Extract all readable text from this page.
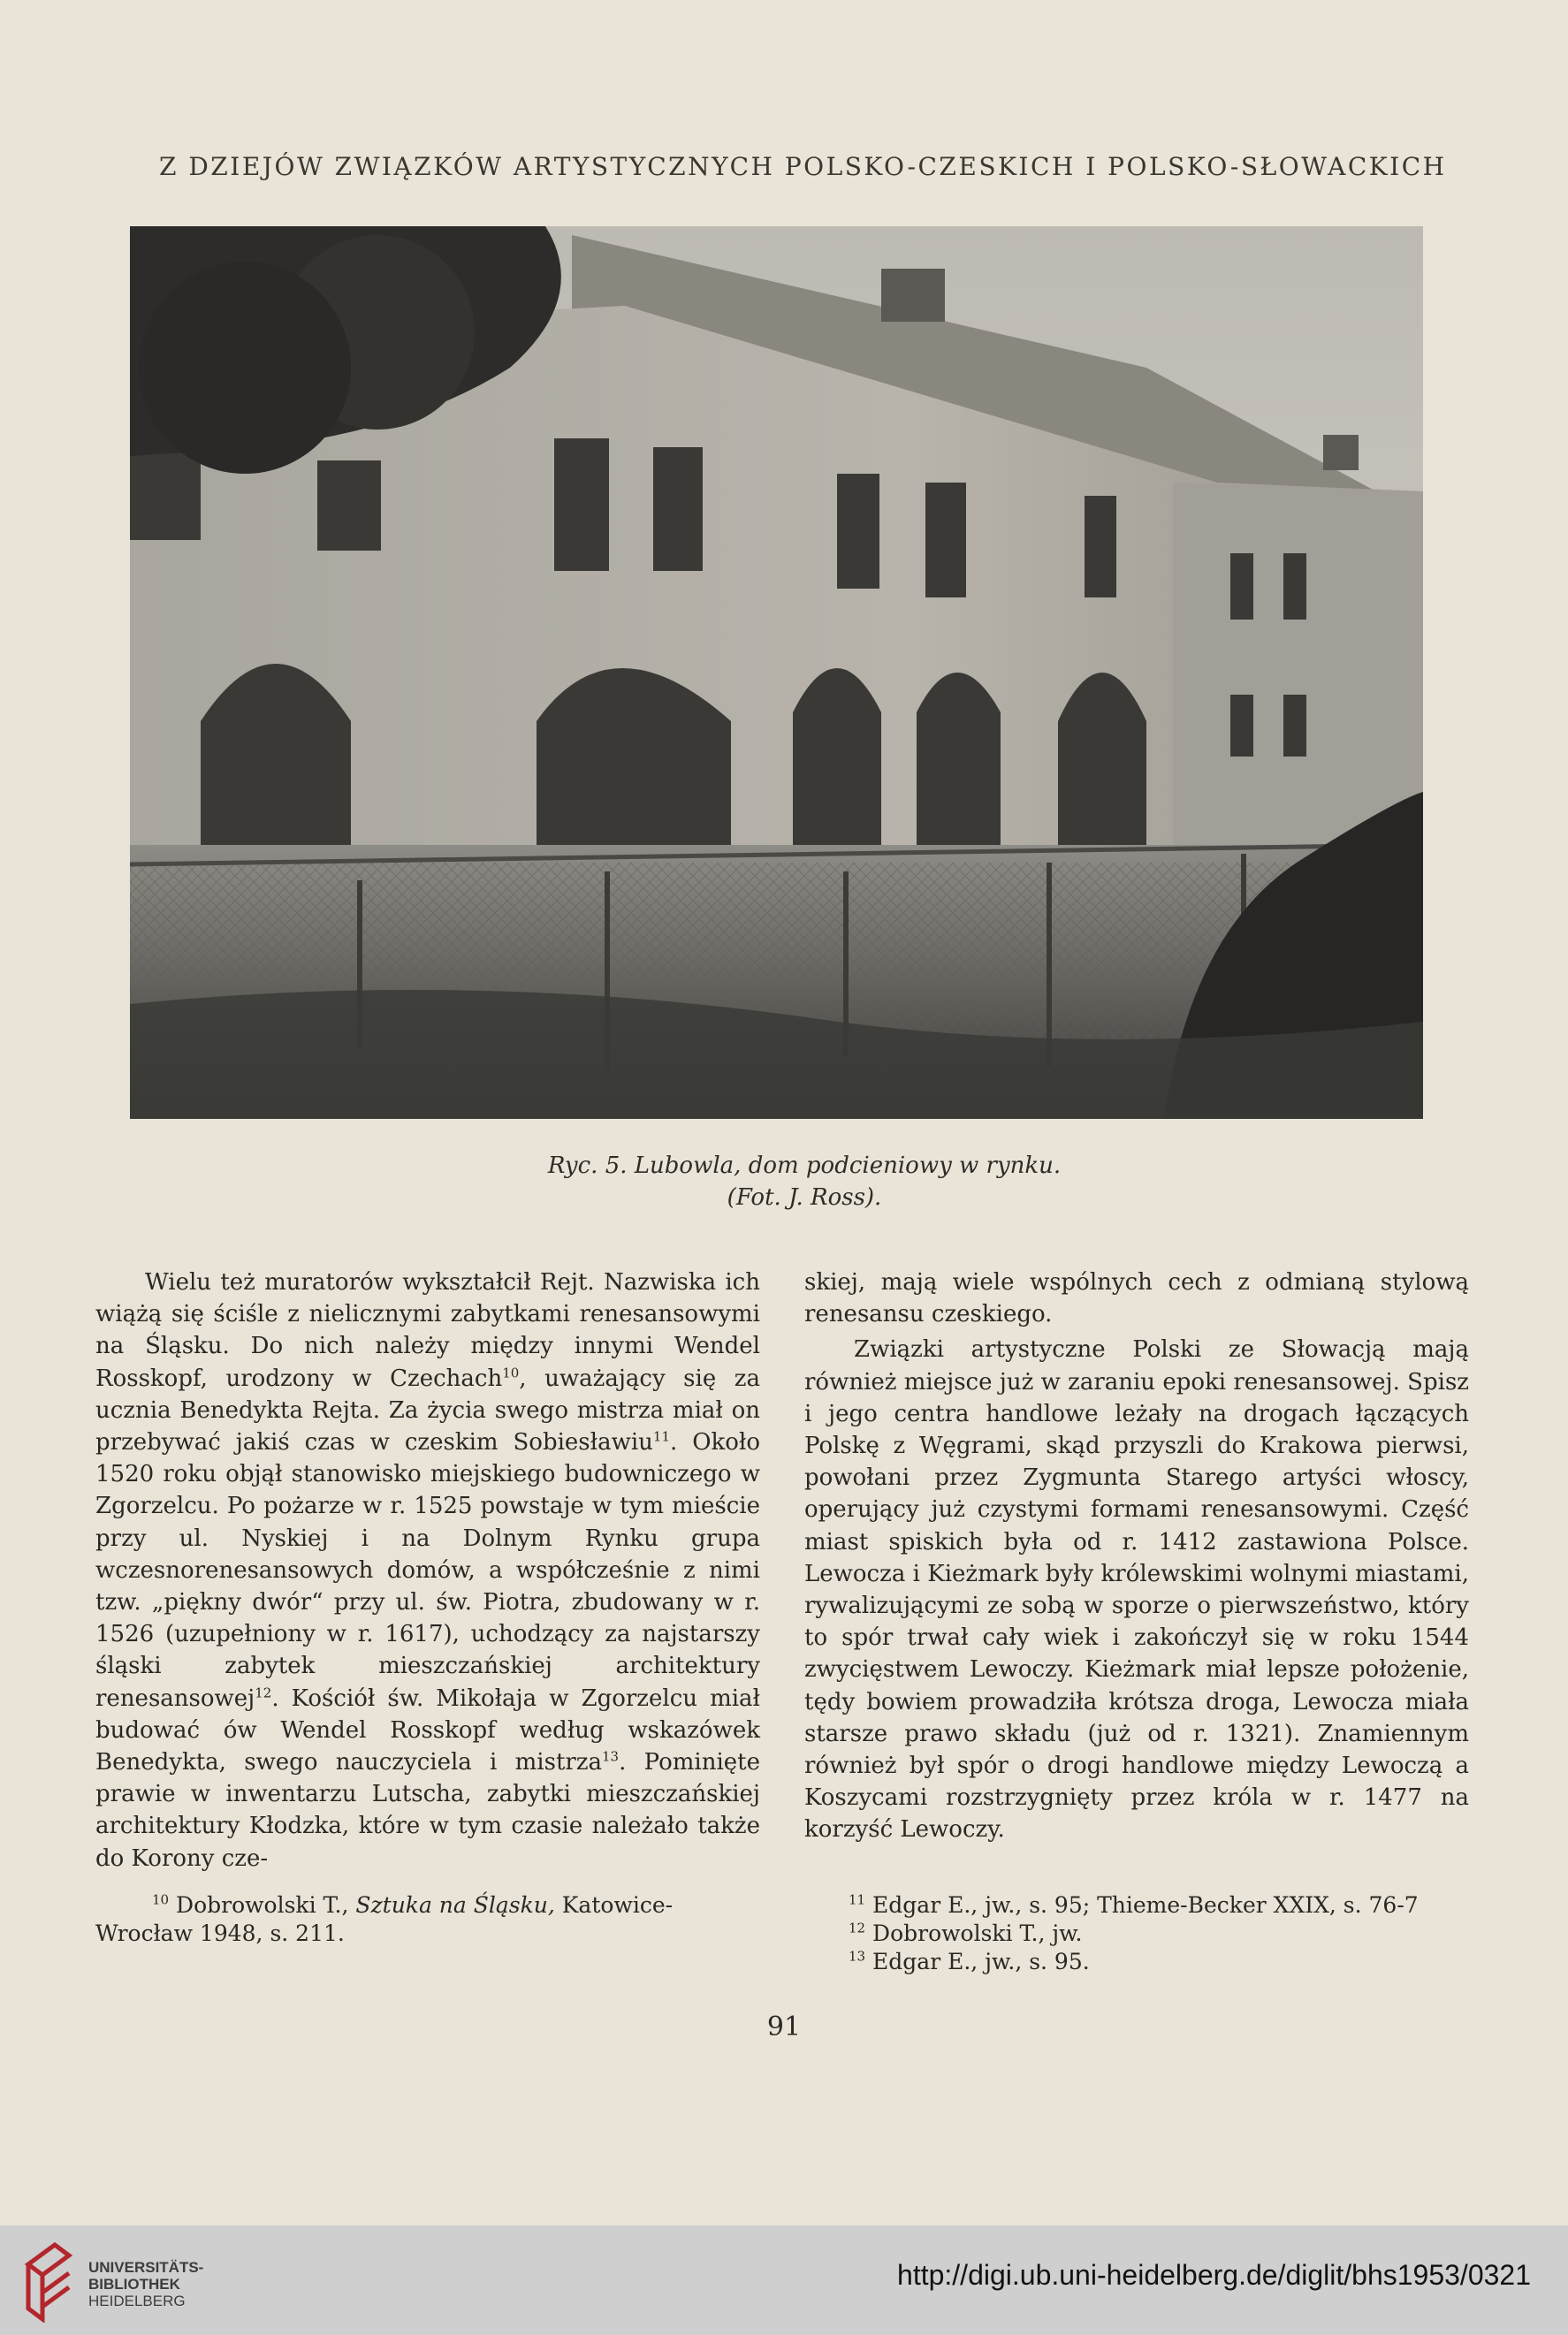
Z DZIEJÓW ZWIĄZKÓW ARTYSTYCZNYCH POLSKO-CZESKICH I POLSKO-SŁOWACKICH
Ryc. 5. Lubowla, dom podcieniowy w rynku.
(Fot. J. Ross).

Wielu też muratorów wykształcił Rejt. Nazwiska ich wiążą się ściśle z nielicznymi zabytkami renesansowymi na Śląsku. Do nich należy między innymi Wendel Rosskopf, urodzony w Czechach$^{10}$, uważający się za ucznia Benedykta Rejta. Za życia swego mistrza miał on przebywać jakiś czas w czeskim Sobiesławiu$^{11}$. Około 1520 roku objął stanowisko miejskiego budowniczego w Zgorzelcu. Po pożarze w r. 1525 powstaje w tym mieście przy ul. Nyskiej i na Dolnym Rynku grupa wczesnorenesansowych domów, a współcześnie z nimi tzw. „piękny dwór“ przy ul. św. Piotra, zbudowany w r. 1526 (uzupełniony w r. 1617), uchodzący za najstarszy śląski zabytek mieszczańskiej architektury renesansowej$^{12}$. Kościół św. Mikołaja w Zgorzelcu miał budować ów Wendel Rosskopf według wskazówek Benedykta, swego nauczyciela i mistrza$^{13}$. Pominięte prawie w inwentarzu Lutscha, zabytki mieszczańskiej architektury Kłodzka, które w tym czasie należało także do Korony cze-

skiej, mają wiele wspólnych cech z odmianą stylową renesansu czeskiego.

Związki artystyczne Polski ze Słowacją mają również miejsce już w zaraniu epoki renesansowej. Spisz i jego centra handlowe leżały na drogach łączących Polskę z Węgrami, skąd przyszli do Krakowa pierwsi, powołani przez Zygmunta Starego artyści włoscy, operujący już czystymi formami renesansowymi. Część miast spiskich była od r. 1412 zastawiona Polsce. Lewocza i Kieżmark były królewskimi wolnymi miastami, rywalizującymi ze sobą w sporze o pierwszeństwo, który to spór trwał cały wiek i zakończył się w roku 1544 zwycięstwem Lewoczy. Kieżmark miał lepsze położenie, tędy bowiem prowadziła krótsza droga, Lewocza miała starsze prawo składu (już od r. 1321). Znamiennym również był spór o drogi handlowe między Lewoczą a Koszycami rozstrzygnięty przez króla w r. 1477 na korzyść Lewoczy.

$^{10}$ Dobrowolski T., Sztuka na Śląsku, Katowice-Wrocław 1948, s. 211.

$^{11}$ Edgar E., jw., s. 95; Thieme-Becker XXIX, s. 76-7

$^{12}$ Dobrowolski T., jw.

$^{13}$ Edgar E., jw., s. 95.

91
UNIVERSITÄTS-
BIBLIOTHEK
HEIDELBERG
http://digi.ub.uni-heidelberg.de/diglit/bhs1953/0321
